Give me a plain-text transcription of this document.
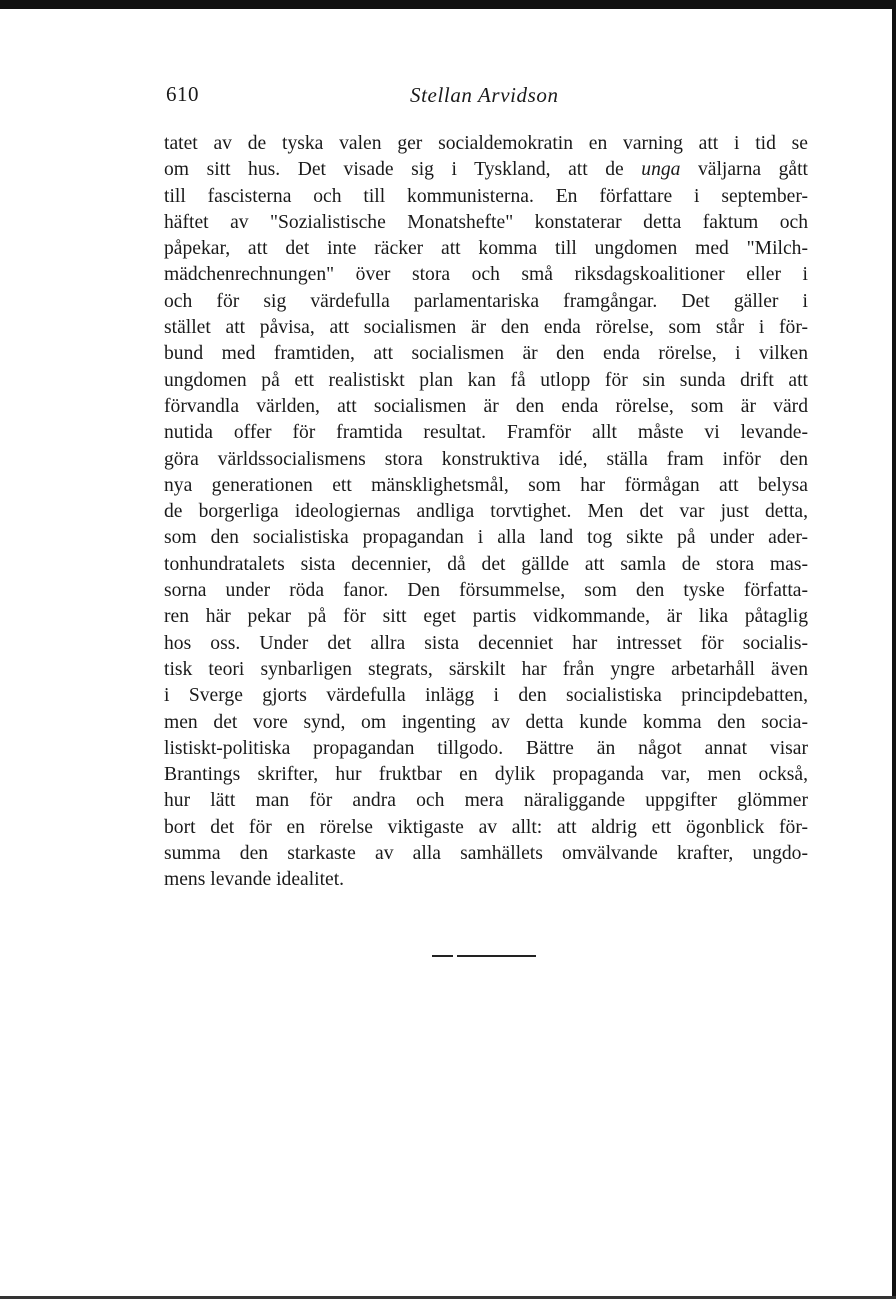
610	Stellan Arvidson
tatet av de tyska valen ger socialdemokratin en varning att i tid se
om sitt hus. Det visade sig i Tyskland, att de unga väljarna gått
till fascisterna och till kommunisterna. En författare i september-
häftet av "Sozialistische Monatshefte" konstaterar detta faktum och
påpekar, att det inte räcker att komma till ungdomen med "Milch-
mädchenrechnungen" över stora och små riksdagskoalitioner eller i
och för sig värdefulla parlamentariska framgångar. Det gäller i
stället att påvisa, att socialismen är den enda rörelse, som står i för-
bund med framtiden, att socialismen är den enda rörelse, i vilken
ungdomen på ett realistiskt plan kan få utlopp för sin sunda drift att
förvandla världen, att socialismen är den enda rörelse, som är värd
nutida offer för framtida resultat. Framför allt måste vi levande-
göra världssocialismens stora konstruktiva idé, ställa fram inför den
nya generationen ett mänsklighetsmål, som har förmågan att belysa
de borgerliga ideologiernas andliga torvtighet. Men det var just detta,
som den socialistiska propagandan i alla land tog sikte på under ader-
tonhundratalets sista decennier, då det gällde att samla de stora mas-
sorna under röda fanor. Den försummelse, som den tyske författa-
ren här pekar på för sitt eget partis vidkommande, är lika påtaglig
hos oss. Under det allra sista decenniet har intresset för socialis-
tisk teori synbarligen stegrats, särskilt har från yngre arbetarhåll även
i Sverge gjorts värdefulla inlägg i den socialistiska principdebatten,
men det vore synd, om ingenting av detta kunde komma den socia-
listiskt-politiska propagandan tillgodo. Bättre än något annat visar
Brantings skrifter, hur fruktbar en dylik propaganda var, men också,
hur lätt man för andra och mera näraliggande uppgifter glömmer
bort det för en rörelse viktigaste av allt: att aldrig ett ögonblick för-
summa den starkaste av alla samhällets omvälvande krafter, ungdo-
mens levande idealitet.
